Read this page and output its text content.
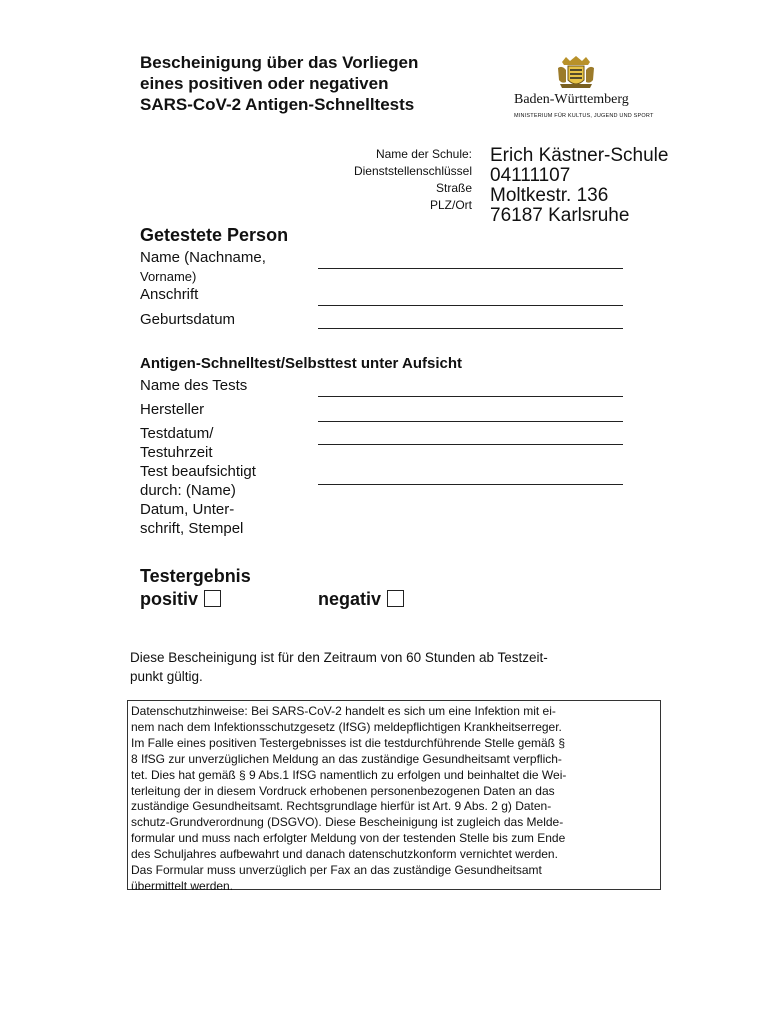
Bescheinigung über das Vorliegen
eines positiven oder negativen
SARS-CoV-2 Antigen-Schnelltests	Baden-Württemberg
MINISTERIUM FÜR KULTUS, JUGEND UND SPORT
Name der Schule:
Dienststellenschlüssel
Straße
PLZ/Ort
Erich Kästner-Schule
04111107
Moltkestr. 136
76187 Karlsruhe
Getestete Person
Name (Nachname,
Vorname)
Anschrift
Geburtsdatum
Antigen-Schnelltest/Selbsttest unter Aufsicht
Name des Tests
Hersteller
Testdatum/
Testuhrzeit
Test beaufsichtigt
durch: (Name)
Datum, Unter-
schrift, Stempel
Testergebnis
positiv	negativ
Diese Bescheinigung ist für den Zeitraum von 60 Stunden ab Testzeit-
punkt gültig.
Datenschutzhinweise: Bei SARS-CoV-2 handelt es sich um eine Infektion mit ei-
nem nach dem Infektionsschutzgesetz (IfSG) meldepflichtigen Krankheitserreger.
Im Falle eines positiven Testergebnisses ist die testdurchführende Stelle gemäß §
8 IfSG zur unverzüglichen Meldung an das zuständige Gesundheitsamt verpflich-
tet. Dies hat gemäß § 9 Abs.1 IfSG namentlich zu erfolgen und beinhaltet die Wei-
terleitung der in diesem Vordruck erhobenen personenbezogenen Daten an das
zuständige Gesundheitsamt. Rechtsgrundlage hierfür ist Art. 9 Abs. 2 g) Daten-
schutz-Grundverordnung (DSGVO). Diese Bescheinigung ist zugleich das Melde-
formular und muss nach erfolgter Meldung von der testenden Stelle bis zum Ende
des Schuljahres aufbewahrt und danach datenschutzkonform vernichtet werden.
Das Formular muss unverzüglich per Fax an das zuständige Gesundheitsamt
übermittelt werden.
